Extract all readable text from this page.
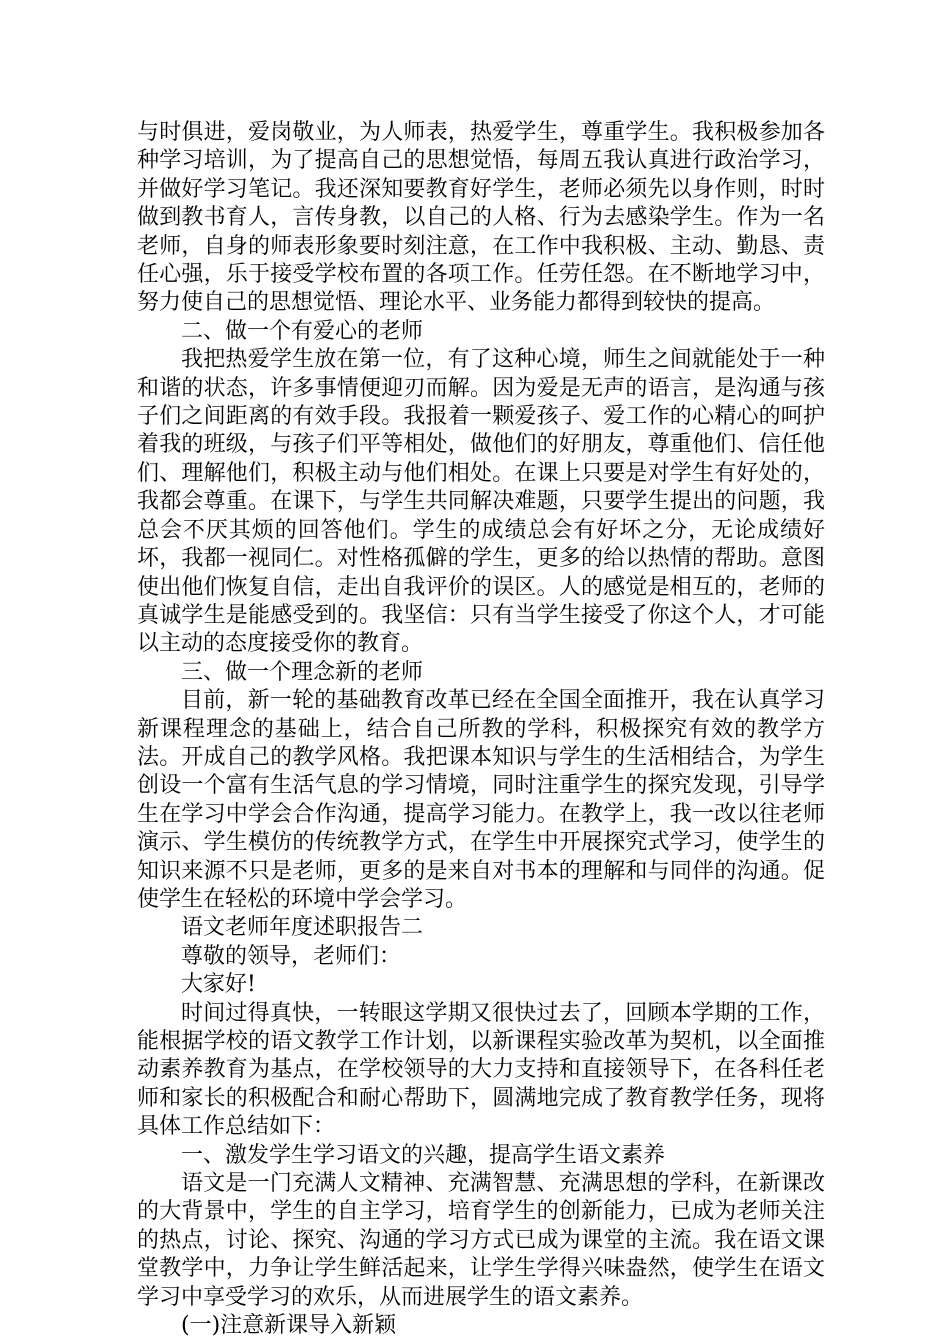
与时俱进，爱岗敬业，为人师表，热爱学生，尊重学生。我积极参加各种学习培训，为了提高自己的思想觉悟，每周五我认真进行政治学习，并做好学习笔记。我还深知要教育好学生，老师必须先以身作则，时时做到教书育人，言传身教，以自己的人格、行为去感染学生。作为一名老师，自身的师表形象要时刻注意，在工作中我积极、主动、勤恳、责任心强，乐于接受学校布置的各项工作。任劳任怨。在不断地学习中，努力使自己的思想觉悟、理论水平、业务能力都得到较快的提高。

二、做一个有爱心的老师

我把热爱学生放在第一位，有了这种心境，师生之间就能处于一种和谐的状态，许多事情便迎刃而解。因为爱是无声的语言，是沟通与孩子们之间距离的有效手段。我报着一颗爱孩子、爱工作的心精心的呵护着我的班级，与孩子们平等相处，做他们的好朋友，尊重他们、信任他们、理解他们，积极主动与他们相处。在课上只要是对学生有好处的，我都会尊重。在课下，与学生共同解决难题，只要学生提出的问题，我总会不厌其烦的回答他们。学生的成绩总会有好坏之分，无论成绩好坏，我都一视同仁。对性格孤僻的学生，更多的给以热情的帮助。意图使出他们恢复自信，走出自我评价的误区。人的感觉是相互的，老师的真诚学生是能感受到的。我坚信：只有当学生接受了你这个人，才可能以主动的态度接受你的教育。

三、做一个理念新的老师

目前，新一轮的基础教育改革已经在全国全面推开，我在认真学习新课程理念的基础上，结合自己所教的学科，积极探究有效的教学方法。开成自己的教学风格。我把课本知识与学生的生活相结合，为学生创设一个富有生活气息的学习情境，同时注重学生的探究发现，引导学生在学习中学会合作沟通，提高学习能力。在教学上，我一改以往老师演示、学生模仿的传统教学方式，在学生中开展探究式学习，使学生的知识来源不只是老师，更多的是来自对书本的理解和与同伴的沟通。促使学生在轻松的环境中学会学习。

语文老师年度述职报告二

尊敬的领导，老师们：

大家好!

时间过得真快，一转眼这学期又很快过去了，回顾本学期的工作，能根据学校的语文教学工作计划，以新课程实验改革为契机，以全面推动素养教育为基点，在学校领导的大力支持和直接领导下，在各科任老师和家长的积极配合和耐心帮助下，圆满地完成了教育教学任务，现将具体工作总结如下：

一、激发学生学习语文的兴趣，提高学生语文素养

语文是一门充满人文精神、充满智慧、充满思想的学科，在新课改的大背景中，学生的自主学习，培育学生的创新能力，已成为老师关注的热点，讨论、探究、沟通的学习方式已成为课堂的主流。我在语文课堂教学中，力争让学生鲜活起来，让学生学得兴味盎然，使学生在语文学习中享受学习的欢乐，从而进展学生的语文素养。

(一)注意新课导入新颖
